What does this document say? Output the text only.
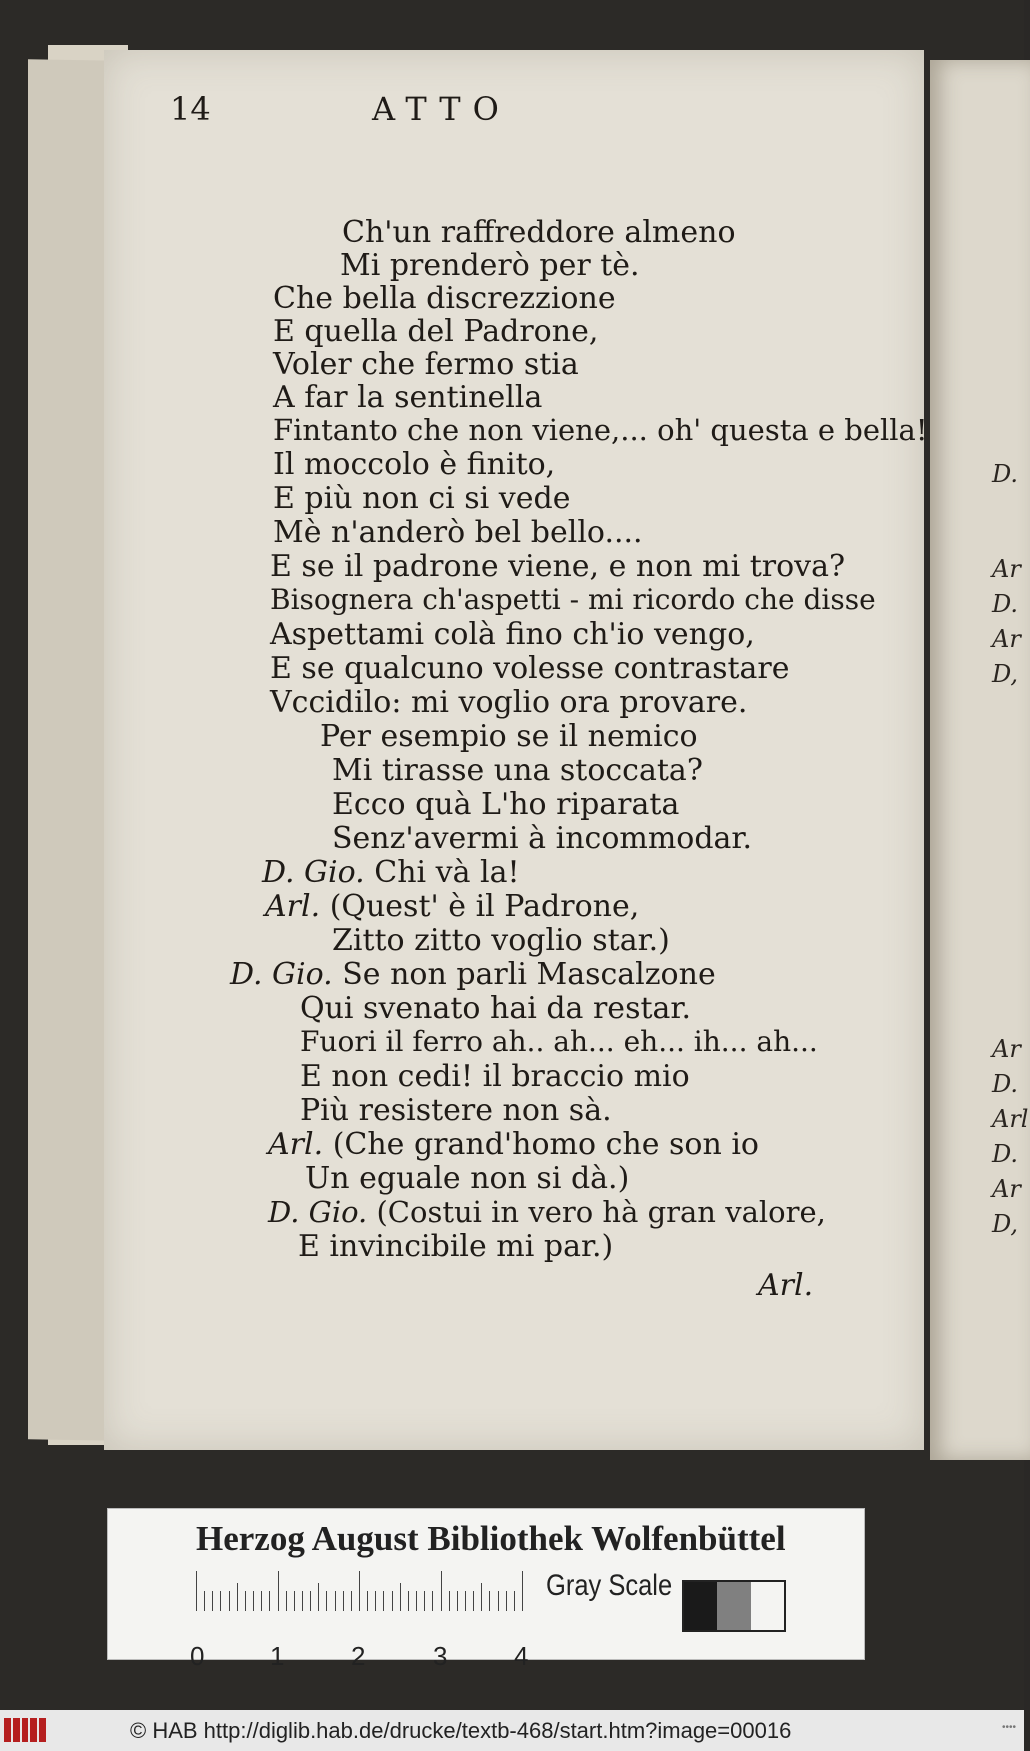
D.
Ar
D.
Ar
D,
Ar
D.
Arl
D.
Ar
D,
14	ATTO
Ch'un raffreddore almeno
Mi prenderò per tè.
Che bella discrezzione
E quella del Padrone,
Voler che fermo stia
A far la sentinella
Fintanto che non viene,... oh' questa e bella!
Il moccolo è finito,
E più non ci si vede
Mè n'anderò bel bello....
E se il padrone viene, e non mi trova?
Bisognera ch'aspetti - mi ricordo che disse
Aspettami colà fino ch'io vengo,
E se qualcuno volesse contrastare
Vccidilo: mi voglio ora provare.
Per esempio se il nemico
Mi tirasse una stoccata?
Ecco quà L'ho riparata
Senz'avermi à incommodar.
D. Gio. Chi và la!
Arl. (Quest' è il Padrone,
Zitto zitto voglio star.)
D. Gio. Se non parli Mascalzone
Qui svenato hai da restar.
Fuori il ferro ah.. ah... eh... ih... ah...
E non cedi! il braccio mio
Più resistere non sà.
Arl. (Che grand'homo che son io
Un eguale non si dà.)
D. Gio. (Costui in vero hà gran valore,
E invincibile mi par.)
Arl.
Herzog August Bibliothek Wolfenbüttel
0	1	2	3	4
Gray Scale
© HAB http://diglib.hab.de/drucke/textb-468/start.htm?image=00016	••••
